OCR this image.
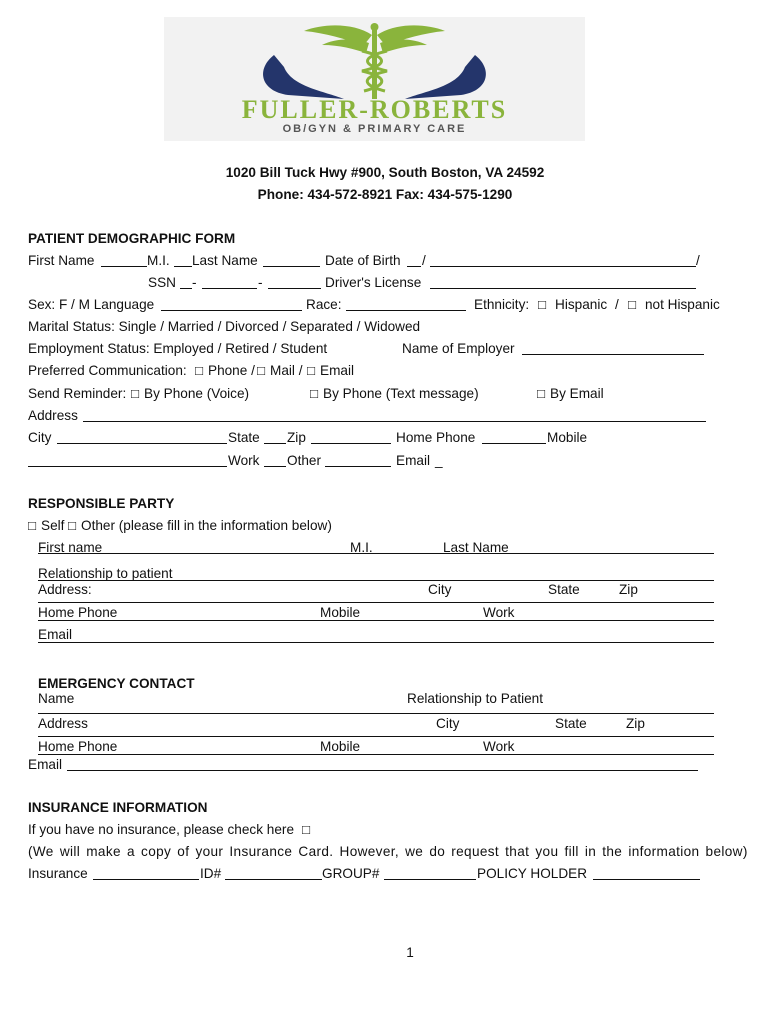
FULLER-ROBERTS
OB/GYN & PRIMARY CARE
1020 Bill Tuck Hwy #900, South Boston, VA 24592
Phone: 434-572-8921 Fax: 434-575-1290
PATIENT DEMOGRAPHIC FORM
First Name	M.I. Last Name	Date of Birth /	/
SSN -	-	Driver's License
Sex: F / M Language	Race:	Ethnicity: □ Hispanic / □ not Hispanic
Marital Status: Single / Married / Divorced / Separated / Widowed
Employment Status: Employed / Retired / Student	Name of Employer
Preferred Communication: □ Phone / □ Mail / □ Email
Send Reminder: □ By Phone (Voice)	□ By Phone (Text message)	□ By Email
Address
City	State Zip	Home Phone	Mobile
Work Other	Email _
RESPONSIBLE PARTY
□ Self □ Other (please fill in the information below)
First name	M.I.	Last Name
Relationship to patient
Address:	City	State	Zip
Home Phone	Mobile	Work
Email
EMERGENCY CONTACT
Name	Relationship to Patient
Address	City	State	Zip
Home Phone	Mobile	Work
Email
INSURANCE INFORMATION
If you have no insurance, please check here □
(We will make a copy of your Insurance Card. However, we do request that you fill in the information below)
Insurance	ID#	GROUP#	POLICY HOLDER
1
